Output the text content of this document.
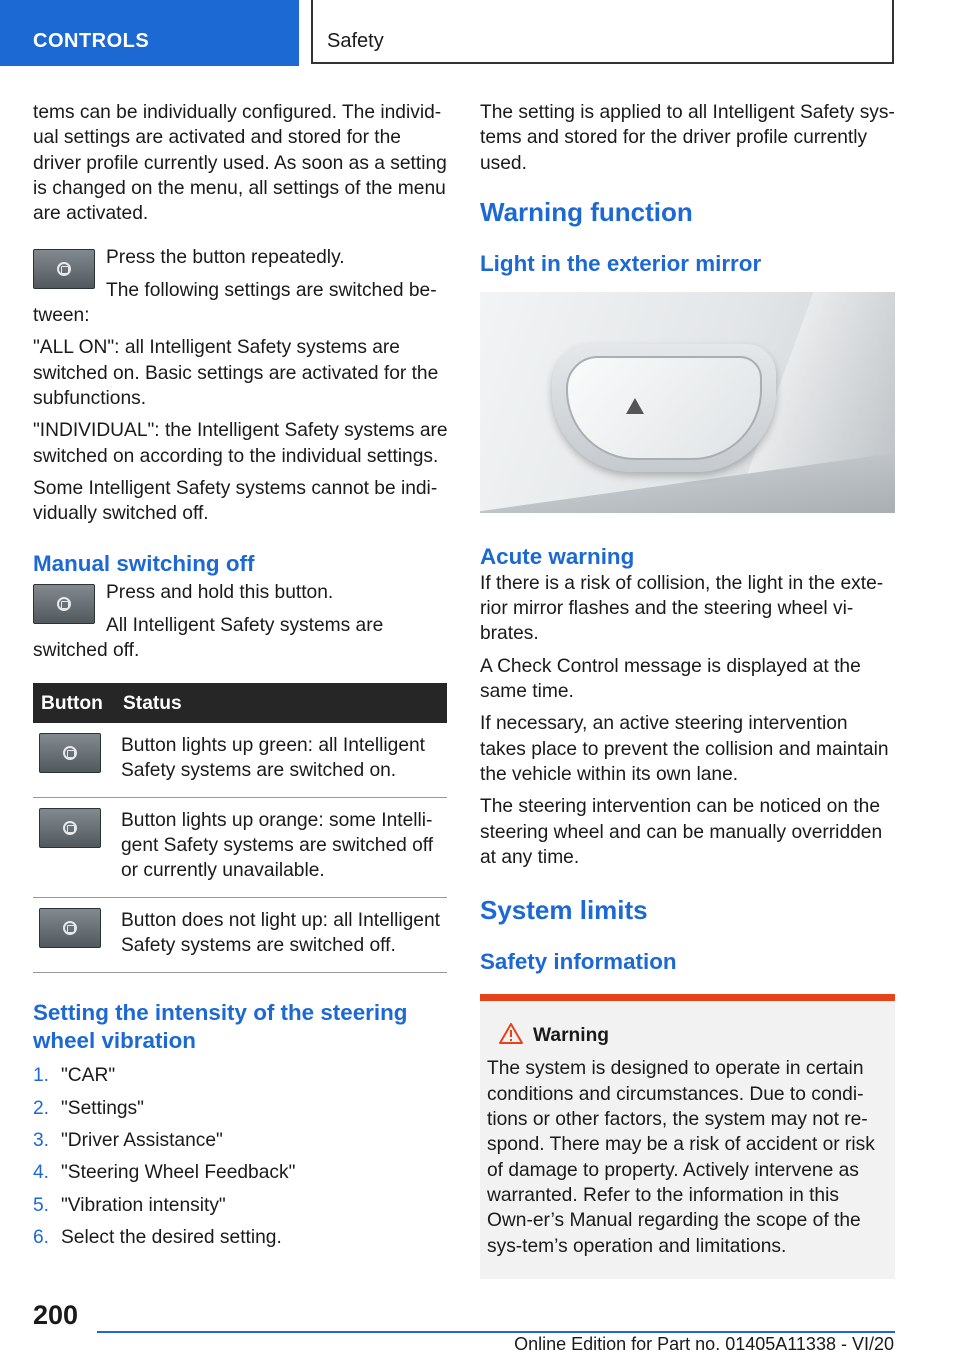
CONTROLS	Safety

tems can be individually configured. The individ-ual settings are activated and stored for the driver profile currently used. As soon as a setting is changed on the menu, all settings of the menu are activated.

Press the button repeatedly.

The following settings are switched be-

tween:

"ALL ON": all Intelligent Safety systems are switched on. Basic settings are activated for the subfunctions.

"INDIVIDUAL": the Intelligent Safety systems are switched on according to the individual settings.

Some Intelligent Safety systems cannot be indi-vidually switched off.

Manual switching off

Press and hold this button.

All Intelligent Safety systems are

switched off.

Button	Status

	Button lights up green: all Intelligent Safety systems are switched on.

	Button lights up orange: some Intelli-gent Safety systems are switched off or currently unavailable.

	Button does not light up: all Intelligent Safety systems are switched off.
Setting the intensity of the steering wheel vibration
1. "CAR"
2. "Settings"
3. "Driver Assistance"
4. "Steering Wheel Feedback"
5. "Vibration intensity"
6. Select the desired setting.

The setting is applied to all Intelligent Safety sys-tems and stored for the driver profile currently used.

Warning function
Light in the exterior mirror
Acute warning

If there is a risk of collision, the light in the exte-rior mirror flashes and the steering wheel vi-brates.

A Check Control message is displayed at the same time.

If necessary, an active steering intervention takes place to prevent the collision and maintain the vehicle within its own lane.

The steering intervention can be noticed on the steering wheel and can be manually overridden at any time.

System limits
Safety information
Warning

The system is designed to operate in certain conditions and circumstances. Due to condi-tions or other factors, the system may not re-spond. There may be a risk of accident or risk of damage to property. Actively intervene as warranted. Refer to the information in this Own-er’s Manual regarding the scope of the sys-tem’s operation and limitations.

200
Online Edition for Part no. 01405A11338 - VI/20
